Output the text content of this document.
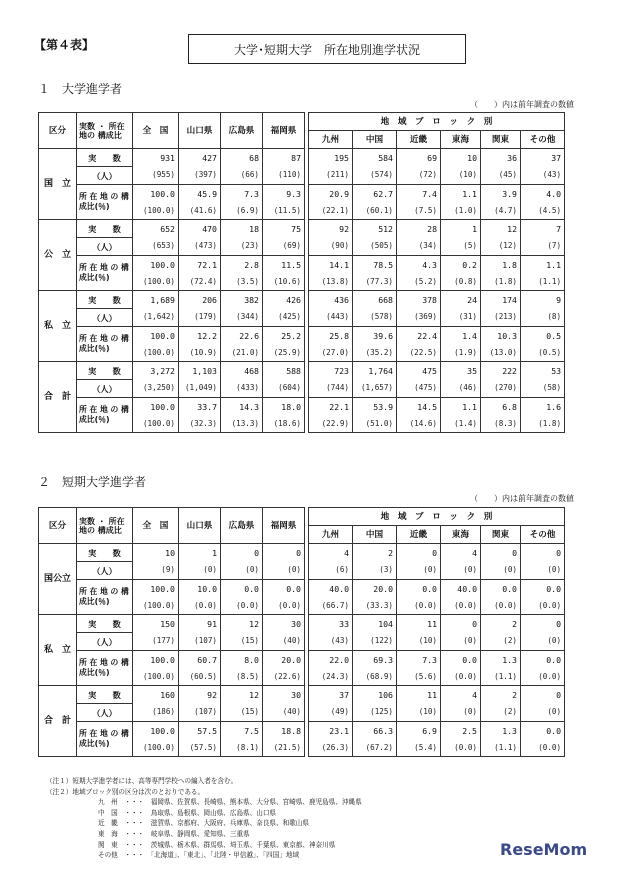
【第４表】	大学･短期大学　所在地別進学状況
１　大学進学者
（　　）内は前年調査の数値
２　短期大学進学者
（　　）内は前年調査の数値
（注１）短期大学進学者には、高等専門学校への編入者を含む。
（注２）地域ブロック別の区分は次のとおりである。
九　州　・・・　福岡県、佐賀県、長崎県、熊本県、大分県、宮崎県、鹿児島県、沖縄県
中　国　・・・　鳥取県、島根県、岡山県、広島県、山口県
近　畿　・・・　滋賀県、京都府、大阪府、兵庫県、奈良県、和歌山県
東　海　・・・　岐阜県、静岡県、愛知県、三重県
関　東　・・・　茨城県、栃木県、群馬県、埼玉県、千葉県、東京都、神奈川県
その他　・・・　「北海道」、「東北」、「北陸・甲信越」、「四国」地域	ReseMom
区分	実数 ・ 所在地の 構成比	全　国	山口県	広島県	福岡県		地　域　ブ　ロ　ッ　ク　別					
							九州	中国	近畿	東海	関東	その他
国　立	実　　数	931	427	68	87		195	584	69	10	36	37
	（人）	(955)	(397)	(66)	(110)		(211)	(574)	(72)	(10)	(45)	(43)
	所 在 地 の 構成比(％)	100.0	45.9	7.3	9.3		20.9	62.7	7.4	1.1	3.9	4.0
		(100.0)	(41.6)	(6.9)	(11.5)		(22.1)	(60.1)	(7.5)	(1.0)	(4.7)	(4.5)
公　立	実　　数	652	470	18	75		92	512	28	1	12	7
	（人）	(653)	(473)	(23)	(69)		(90)	(505)	(34)	(5)	(12)	(7)
	所 在 地 の 構成比(％)	100.0	72.1	2.8	11.5		14.1	78.5	4.3	0.2	1.8	1.1
		(100.0)	(72.4)	(3.5)	(10.6)		(13.8)	(77.3)	(5.2)	(0.8)	(1.8)	(1.1)
私　立	実　　数	1,689	206	382	426		436	668	378	24	174	9
	（人）	(1,642)	(179)	(344)	(425)		(443)	(578)	(369)	(31)	(213)	(8)
	所 在 地 の 構成比(％)	100.0	12.2	22.6	25.2		25.8	39.6	22.4	1.4	10.3	0.5
		(100.0)	(10.9)	(21.0)	(25.9)		(27.0)	(35.2)	(22.5)	(1.9)	(13.0)	(0.5)
合　計	実　　数	3,272	1,103	468	588		723	1,764	475	35	222	53
	（人）	(3,250)	(1,049)	(433)	(604)		(744)	(1,657)	(475)	(46)	(270)	(58)
	所 在 地 の 構成比(％)	100.0	33.7	14.3	18.0		22.1	53.9	14.5	1.1	6.8	1.6
		(100.0)	(32.3)	(13.3)	(18.6)		(22.9)	(51.0)	(14.6)	(1.4)	(8.3)	(1.8)
区分	実数 ・ 所在地の 構成比	全　国	山口県	広島県	福岡県		地　域　ブ　ロ　ッ　ク　別					
							九州	中国	近畿	東海	関東	その他
国公立	実　　数	10	1	0	0		4	2	0	4	0	0
	（人）	(9)	(0)	(0)	(0)		(6)	(3)	(0)	(0)	(0)	(0)
	所 在 地 の 構成比(％)	100.0	10.0	0.0	0.0		40.0	20.0	0.0	40.0	0.0	0.0
		(100.0)	(0.0)	(0.0)	(0.0)		(66.7)	(33.3)	(0.0)	(0.0)	(0.0)	(0.0)
私　立	実　　数	150	91	12	30		33	104	11	0	2	0
	（人）	(177)	(107)	(15)	(40)		(43)	(122)	(10)	(0)	(2)	(0)
	所 在 地 の 構成比(％)	100.0	60.7	8.0	20.0		22.0	69.3	7.3	0.0	1.3	0.0
		(100.0)	(60.5)	(8.5)	(22.6)		(24.3)	(68.9)	(5.6)	(0.0)	(1.1)	(0.0)
合　計	実　　数	160	92	12	30		37	106	11	4	2	0
	（人）	(186)	(107)	(15)	(40)		(49)	(125)	(10)	(0)	(2)	(0)
	所 在 地 の 構成比(％)	100.0	57.5	7.5	18.8		23.1	66.3	6.9	2.5	1.3	0.0
		(100.0)	(57.5)	(8.1)	(21.5)		(26.3)	(67.2)	(5.4)	(0.0)	(1.1)	(0.0)
